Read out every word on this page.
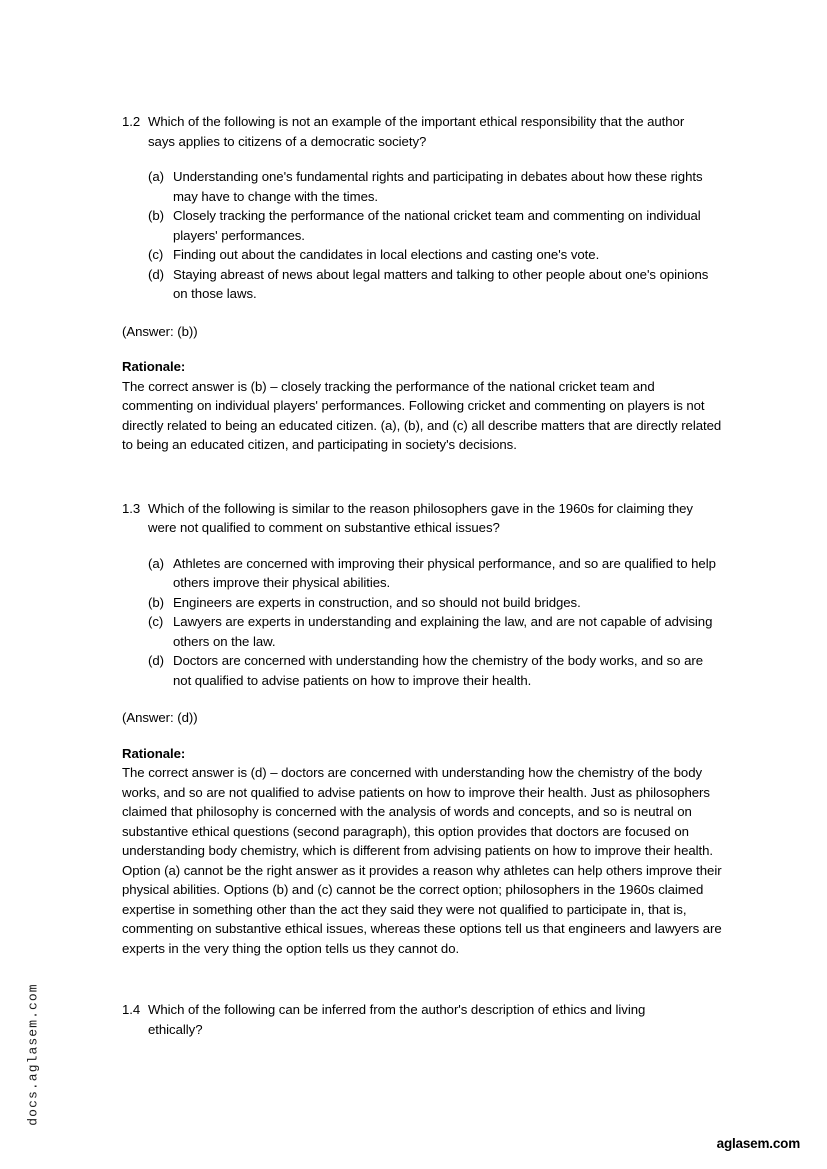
1.2 Which of the following is not an example of the important ethical responsibility that the author says applies to citizens of a democratic society?
(a) Understanding one's fundamental rights and participating in debates about how these rights may have to change with the times.
(b) Closely tracking the performance of the national cricket team and commenting on individual players' performances.
(c) Finding out about the candidates in local elections and casting one's vote.
(d) Staying abreast of news about legal matters and talking to other people about one's opinions on those laws.
(Answer: (b))
Rationale:
The correct answer is (b) – closely tracking the performance of the national cricket team and commenting on individual players' performances. Following cricket and commenting on players is not directly related to being an educated citizen. (a), (b), and (c) all describe matters that are directly related to being an educated citizen, and participating in society's decisions.
1.3 Which of the following is similar to the reason philosophers gave in the 1960s for claiming they were not qualified to comment on substantive ethical issues?
(a) Athletes are concerned with improving their physical performance, and so are qualified to help others improve their physical abilities.
(b) Engineers are experts in construction, and so should not build bridges.
(c) Lawyers are experts in understanding and explaining the law, and are not capable of advising others on the law.
(d) Doctors are concerned with understanding how the chemistry of the body works, and so are not qualified to advise patients on how to improve their health.
(Answer: (d))
Rationale:
The correct answer is (d) – doctors are concerned with understanding how the chemistry of the body works, and so are not qualified to advise patients on how to improve their health. Just as philosophers claimed that philosophy is concerned with the analysis of words and concepts, and so is neutral on substantive ethical questions (second paragraph), this option provides that doctors are focused on understanding body chemistry, which is different from advising patients on how to improve their health. Option (a) cannot be the right answer as it provides a reason why athletes can help others improve their physical abilities. Options (b) and (c) cannot be the correct option; philosophers in the 1960s claimed expertise in something other than the act they said they were not qualified to participate in, that is, commenting on substantive ethical issues, whereas these options tell us that engineers and lawyers are experts in the very thing the option tells us they cannot do.
1.4 Which of the following can be inferred from the author's description of ethics and living ethically?
docs.aglasem.com
aglasem.com
